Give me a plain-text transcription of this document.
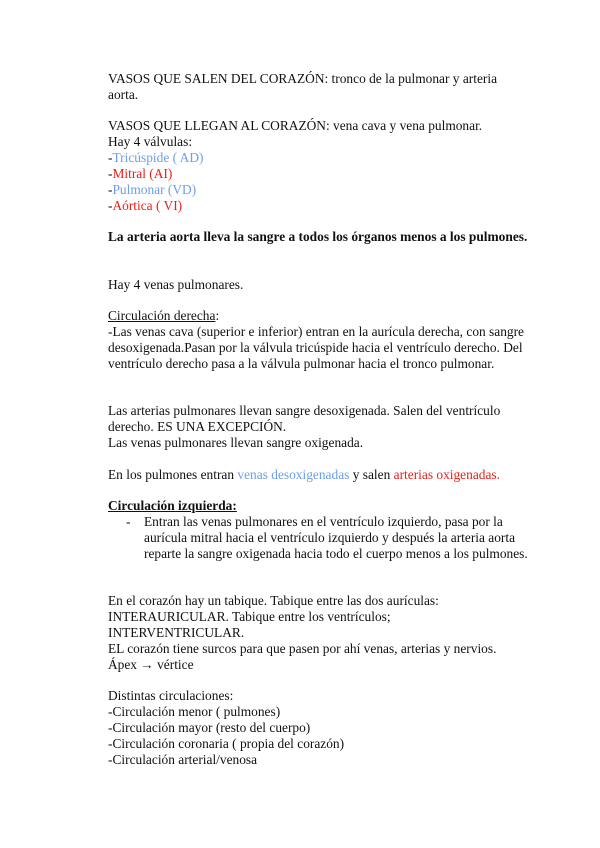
VASOS QUE SALEN DEL CORAZÓN: tronco de la pulmonar y arteria aorta.

VASOS QUE LLEGAN AL CORAZÓN: vena cava y vena pulmonar.

Hay 4 válvulas:

-Tricúspide ( AD)

-Mitral (AI)

-Pulmonar (VD)

-Aórtica ( VI)

La arteria aorta lleva la sangre a todos los órganos menos a los pulmones.

Hay 4 venas pulmonares.

Circulación derecha:

-Las venas cava (superior e inferior) entran en la aurícula derecha, con sangre desoxigenada.Pasan por la válvula tricúspide hacia el ventrículo derecho. Del ventrículo derecho pasa a la válvula pulmonar hacia el tronco pulmonar.

Las arterias pulmonares llevan sangre desoxigenada. Salen del ventrículo derecho. ES UNA EXCEPCIÓN.

Las venas pulmonares llevan sangre oxigenada.

En los pulmones entran venas desoxigenadas y salen arterias oxigenadas.

Circulación izquierda:

- Entran las venas pulmonares en el ventrículo izquierdo, pasa por la aurícula mitral hacia el ventrículo izquierdo y después la arteria aorta reparte la sangre oxigenada hacia todo el cuerpo menos a los pulmones.

En el corazón hay un tabique. Tabique entre las dos aurículas:

INTERAURICULAR. Tabique entre los ventrículos;

INTERVENTRICULAR.

EL corazón tiene surcos para que pasen por ahí venas, arterias y nervios.

Ápex → vértice

Distintas circulaciones:

-Circulación menor ( pulmones)

-Circulación mayor (resto del cuerpo)

-Circulación coronaria ( propia del corazón)

-Circulación arterial/venosa
